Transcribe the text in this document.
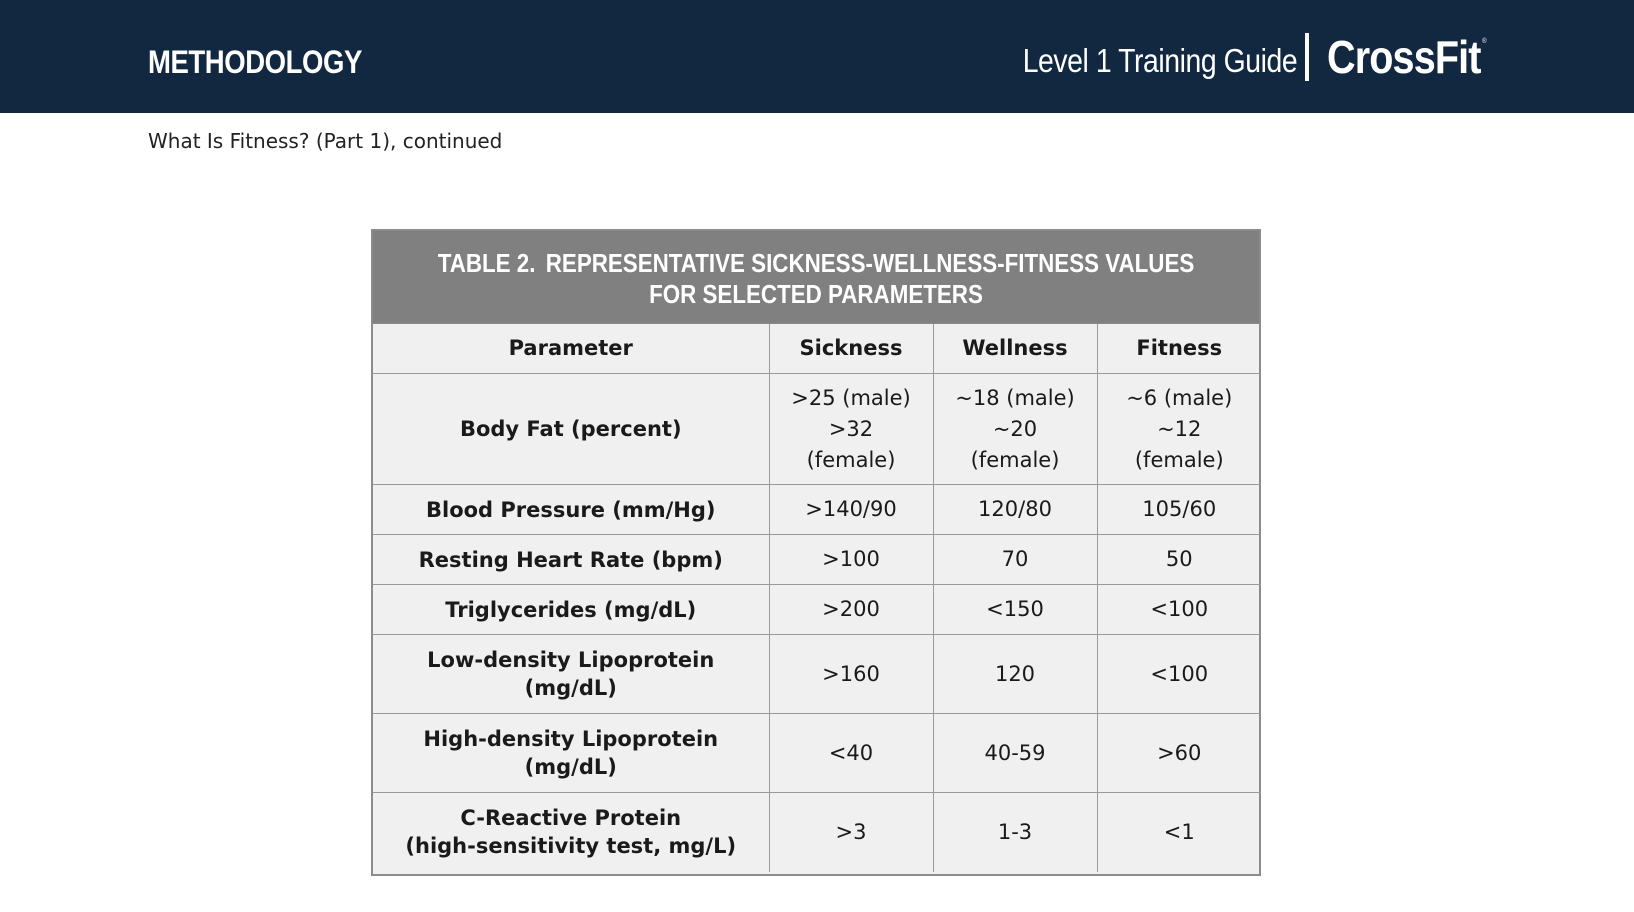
METHODOLOGY	Level 1 Training Guide CrossFit ®
What Is Fitness? (Part 1), continued
TABLE 2. REPRESENTATIVE SICKNESS-WELLNESS-FITNESS VALUES
FOR SELECTED PARAMETERS
Parameter	Sickness	Wellness	Fitness
Body Fat (percent)	>25 (male)
>32
(female)	~18 (male)
~20
(female)	~6 (male)
~12
(female)
Blood Pressure (mm/Hg)	>140/90	120/80	105/60
Resting Heart Rate (bpm)	>100	70	50
Triglycerides (mg/dL)	>200	<150	<100
Low-density Lipoprotein
(mg/dL)	>160	120	<100
High-density Lipoprotein
(mg/dL)	<40	40-59	>60
C-Reactive Protein
(high-sensitivity test, mg/L)	>3	1-3	<1
